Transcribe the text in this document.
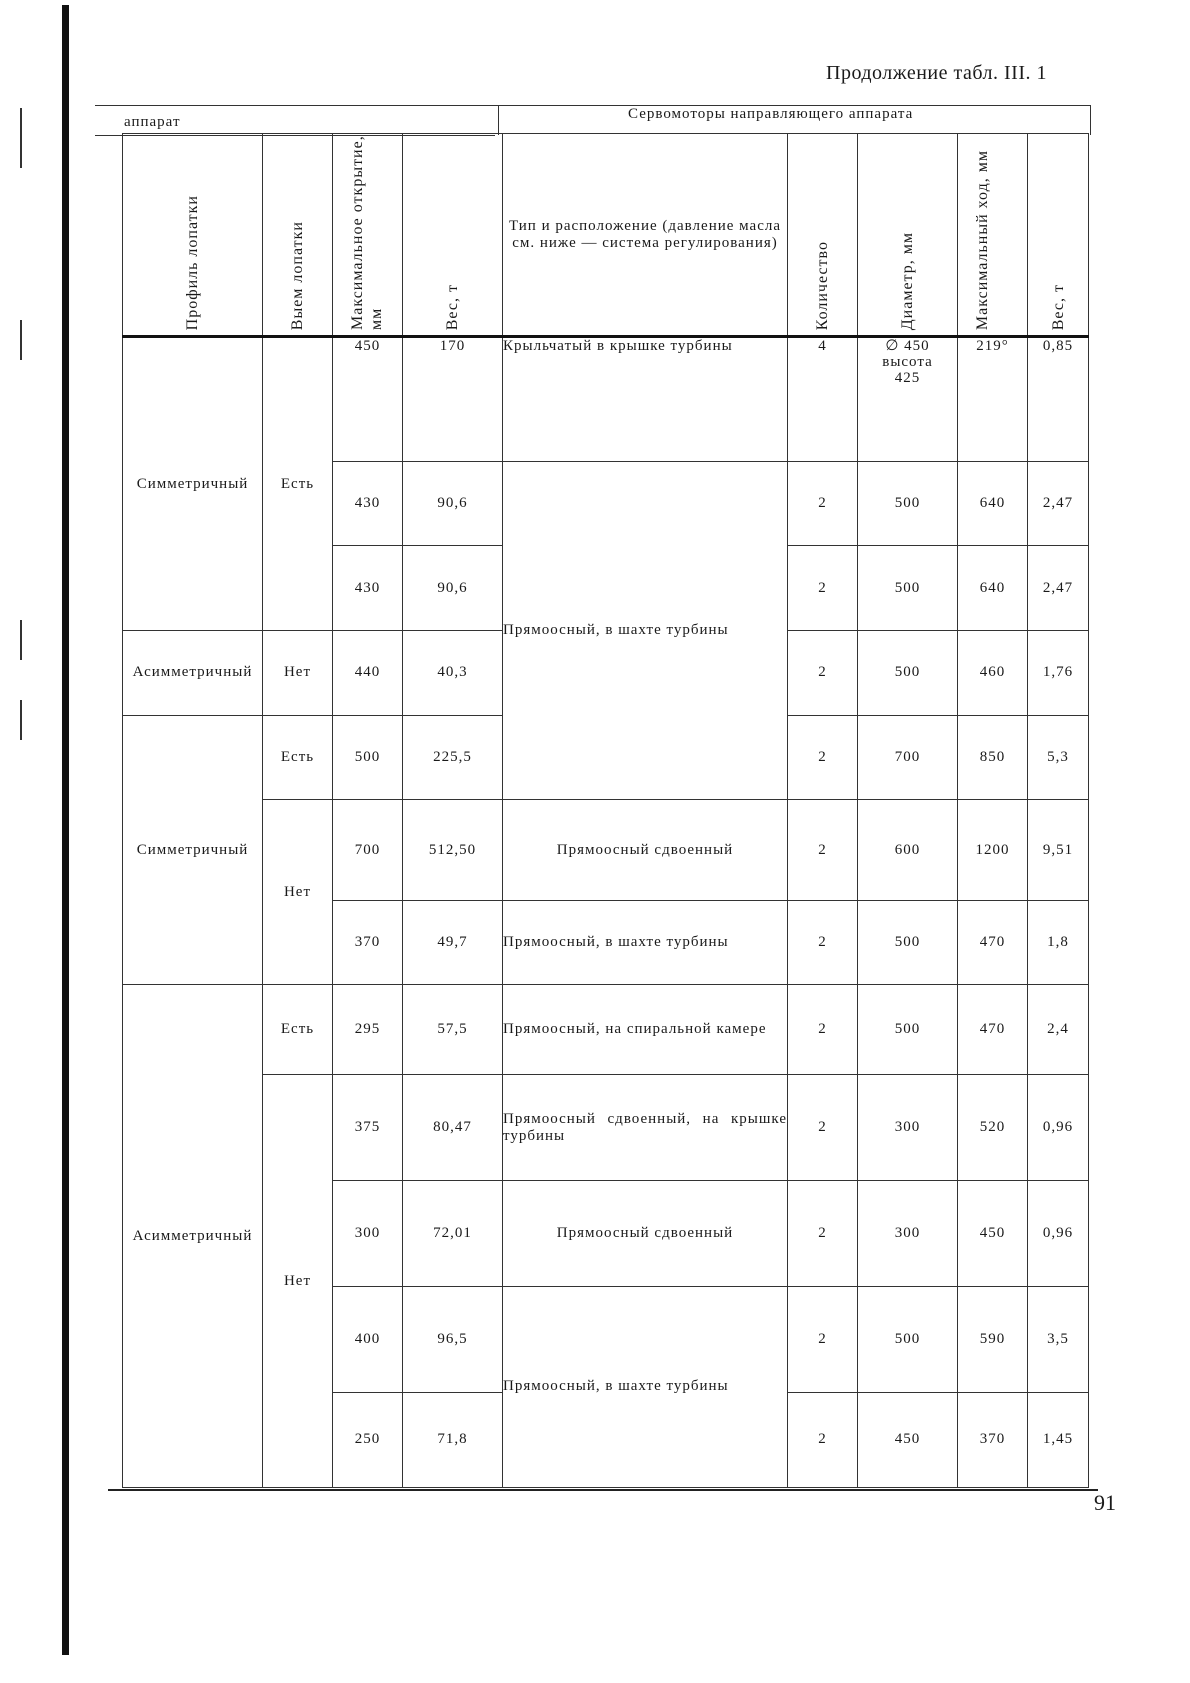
Продолжение табл. III. 1
аппарат	Сервомоторы направляющего аппарата
Профиль лопатки	Выем лопатки	Максимальное открытие, мм	Вес, т	Тип и расположение (давление масла см. ниже — система регулирования)	Количество	Диаметр, мм	Максимальный ход, мм	Вес, т
Симметричный	Есть	450	170	Крыльчатый в крышке турбины	4	∅ 450 высота 425	219°	0,85
		430	90,6	Прямоосный, в шахте турбины	2	500	640	2,47
		430	90,6		2	500	640	2,47
Асимметричный	Нет	440	40,3		2	500	460	1,76
Симметричный	Есть	500	225,5		2	700	850	5,3
	Нет	700	512,50	Прямоосный сдвоенный	2	600	1200	9,51
		370	49,7	Прямоосный, в шахте турбины	2	500	470	1,8
Асимметричный	Есть	295	57,5	Прямоосный, на спиральной камере	2	500	470	2,4
	Нет	375	80,47	Прямоосный сдвоенный, на крышке турбины	2	300	520	0,96
		300	72,01	Прямоосный сдвоенный	2	300	450	0,96
		400	96,5	Прямоосный, в шахте турбины	2	500	590	3,5
		250	71,8		2	450	370	1,45
91
